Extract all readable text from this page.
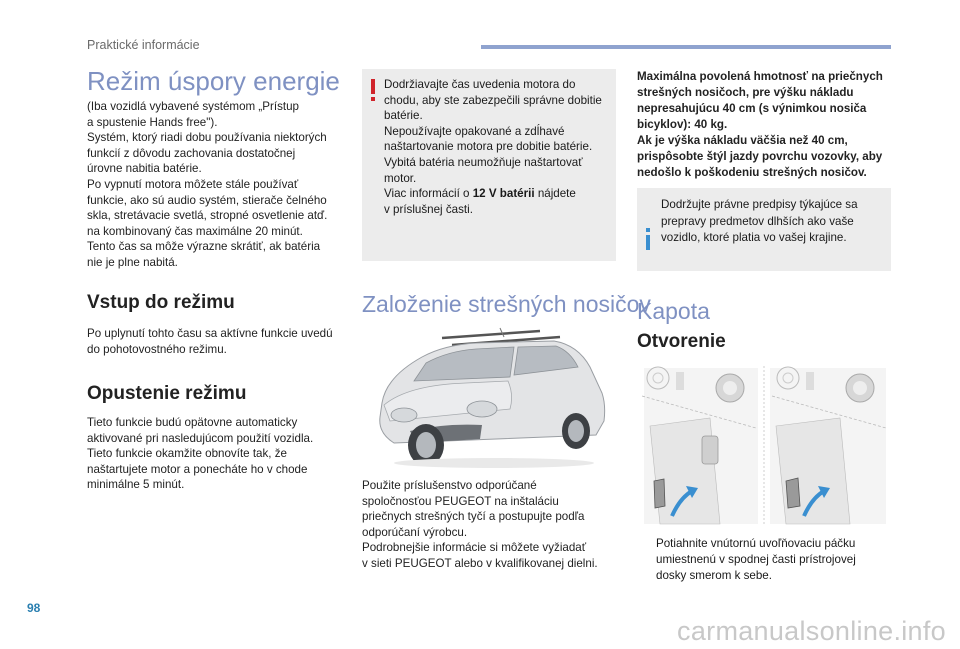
Praktické informácie
Režim úspory energie

(Iba vozidlá vybavené systémom „Prístup

a spustenie Hands free").

Systém, ktorý riadi dobu používania niektorých

funkcií z dôvodu zachovania dostatočnej

úrovne nabitia batérie.

Po vypnutí motora môžete stále používať

funkcie, ako sú audio systém, stierače čelného

skla, stretávacie svetlá, stropné osvetlenie atď.

na kombinovaný čas maximálne 20 minút.

Tento čas sa môže výrazne skrátiť, ak batéria

nie je plne nabitá.

Vstup do režimu

Po uplynutí tohto času sa aktívne funkcie uvedú

do pohotovostného režimu.

Opustenie režimu

Tieto funkcie budú opätovne automaticky

aktivované pri nasledujúcom použití vozidla.

Tieto funkcie okamžite obnovíte tak, že

naštartujete motor a ponecháte ho v chode

minimálne 5 minút.

Dodržiavajte čas uvedenia motora do

chodu, aby ste zabezpečili správne dobitie

batérie.

Nepoužívajte opakované a zdĺhavé

naštartovanie motora pre dobitie batérie.

Vybitá batéria neumožňuje naštartovať

motor.

Viac informácií o 12 V batérii nájdete

v príslušnej časti.

Založenie strešných nosičov

Použite príslušenstvo odporúčané

spoločnosťou PEUGEOT na inštaláciu

priečnych strešných tyčí a postupujte podľa

odporúčaní výrobcu.

Podrobnejšie informácie si môžete vyžiadať

v sieti PEUGEOT alebo v kvalifikovanej dielni.

Maximálna povolená hmotnosť na priečnych

strešných nosičoch, pre výšku nákladu

nepresahujúcu 40 cm (s výnimkou nosiča

bicyklov): 40 kg.

Ak je výška nákladu väčšia než 40 cm,

prispôsobte štýl jazdy povrchu vozovky, aby

nedošlo k poškodeniu strešných nosičov.

Dodržujte právne predpisy týkajúce sa
prepravy predmetov dlhších ako vaše
vozidlo, ktoré platia vo vašej krajine.
Kapota
Otvorenie
Potiahnite vnútornú uvoľňovaciu páčku
umiestnenú v spodnej časti prístrojovej
dosky smerom k sebe.
98
carmanualsonline.info
